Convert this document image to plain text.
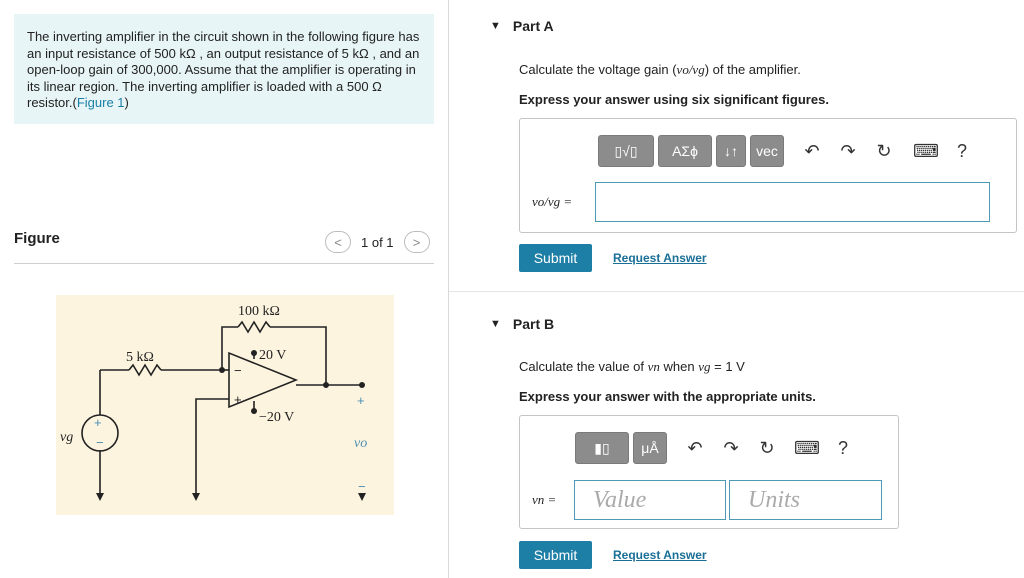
The inverting amplifier in the circuit shown in the following figure has an input resistance of 500 kΩ , an output resistance of 5 kΩ , and an open-loop gain of 300,000. Assume that the amplifier is operating in its linear region. The inverting amplifier is loaded with a 500 Ω resistor.(Figure 1)
Figure	< 1 of 1 >
100 kΩ
5 kΩ	20 V
−20 V
vg	vo
+
−
−
+	+
−
▼ Part A
Calculate the voltage gain (vo/vg) of the amplifier.
Express your answer using six significant figures.
▯√▯ ΑΣϕ ↓↑ vec ↶ ↷ ↻ ⌨ ?
vo/vg =
Submit	Request Answer
▼ Part B
Calculate the value of vn when vg = 1 V
Express your answer with the appropriate units.
▮▯ μÅ ↶ ↷ ↻ ⌨ ?
vn =	Value	Units
Submit	Request Answer
